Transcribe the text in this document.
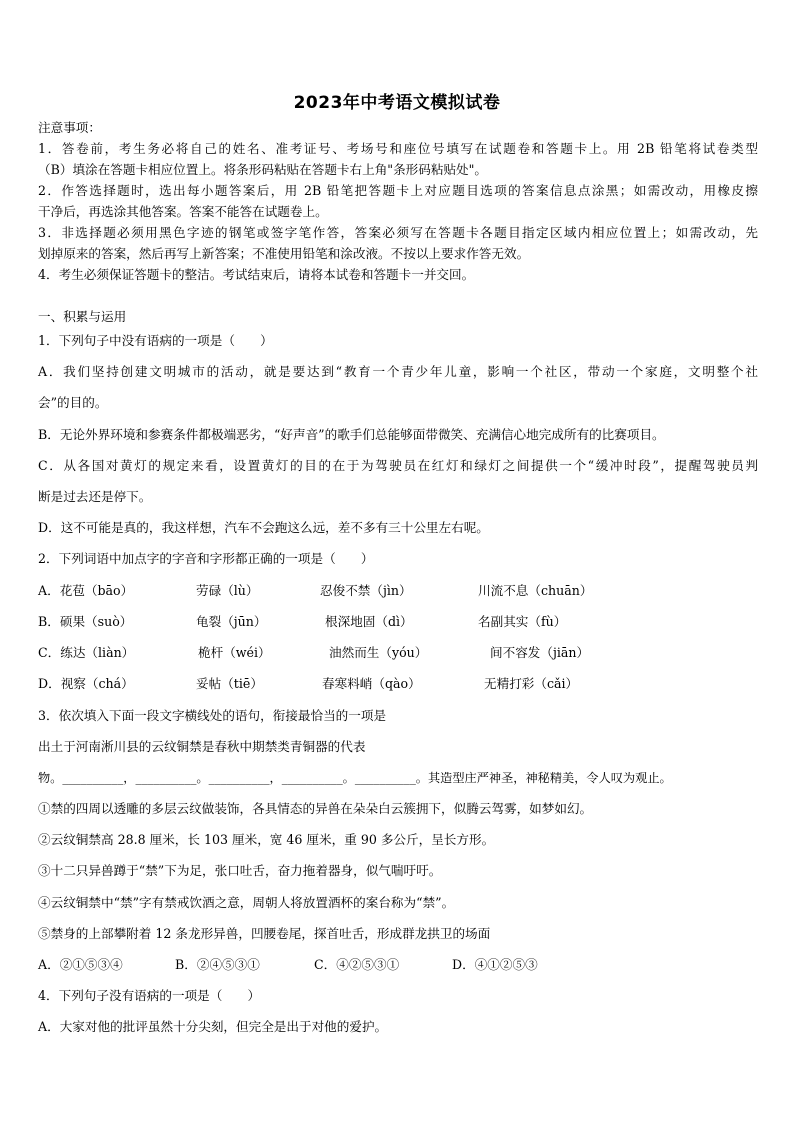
2023年中考语文模拟试卷
注意事项：
1．答卷前，考生务必将自己的姓名、准考证号、考场号和座位号填写在试题卷和答题卡上。用 2B 铅笔将试卷类型
（B）填涂在答题卡相应位置上。将条形码粘贴在答题卡右上角"条形码粘贴处"。
2．作答选择题时，选出每小题答案后，用 2B 铅笔把答题卡上对应题目选项的答案信息点涂黑；如需改动，用橡皮擦
干净后，再选涂其他答案。答案不能答在试题卷上。
3．非选择题必须用黑色字迹的钢笔或签字笔作答，答案必须写在答题卡各题目指定区域内相应位置上；如需改动，先
划掉原来的答案，然后再写上新答案；不准使用铅笔和涂改液。不按以上要求作答无效。
4．考生必须保证答题卡的整洁。考试结束后，请将本试卷和答题卡一并交回。
一、积累与运用
1．下列句子中没有语病的一项是（　　）
A．我们坚持创建文明城市的活动，就是要达到“教育一个青少年儿童，影响一个社区，带动一个家庭，文明整个社
会”的目的。
B．无论外界环境和参赛条件都极端恶劣，“好声音”的歌手们总能够面带微笑、充满信心地完成所有的比赛项目。
C．从各国对黄灯的规定来看，设置黄灯的目的在于为驾驶员在红灯和绿灯之间提供一个“缓冲时段”，提醒驾驶员判
断是过去还是停下。
D．这不可能是真的，我这样想，汽车不会跑这么远，差不多有三十公里左右呢。
2．下列词语中加点字的字音和字形都正确的一项是（　　）
A．花苞（bāo）	劳碌（lù）	忍俊不禁（jìn）	川流不息（chuān）
B．硕果（suò）	龟裂（jūn）	根深地固（dì）	名副其实（fù）
C．练达（liàn）	桅杆（wéi）	油然而生（yóu）	间不容发（jiān）
D．视察（chá）	妥帖（tiē）	春寒料峭（qào）	无精打彩（cǎi）
3．依次填入下面一段文字横线处的语句，衔接最恰当的一项是
出土于河南淅川县的云纹铜禁是春秋中期禁类青铜器的代表
物。__________，__________。__________，__________。__________。其造型庄严神圣，神秘精美，令人叹为观止。
①禁的四周以透雕的多层云纹做装饰，各具情态的异兽在朵朵白云簇拥下，似腾云驾雾，如梦如幻。
②云纹铜禁高 28.8 厘米，长 103 厘米，宽 46 厘米，重 90 多公斤，呈长方形。
③十二只异兽蹲于“禁”下为足，张口吐舌，奋力拖着器身，似气喘吁吁。
④云纹铜禁中“禁”字有禁戒饮酒之意，周朝人将放置酒杯的案台称为“禁”。
⑤禁身的上部攀附着 12 条龙形异兽，凹腰卷尾，探首吐舌，形成群龙拱卫的场面
A．②①⑤③④	B．②④⑤③①	C．④②⑤③①	D．④①②⑤③
4．下列句子没有语病的一项是（　　）
A．大家对他的批评虽然十分尖刻，但完全是出于对他的爱护。
